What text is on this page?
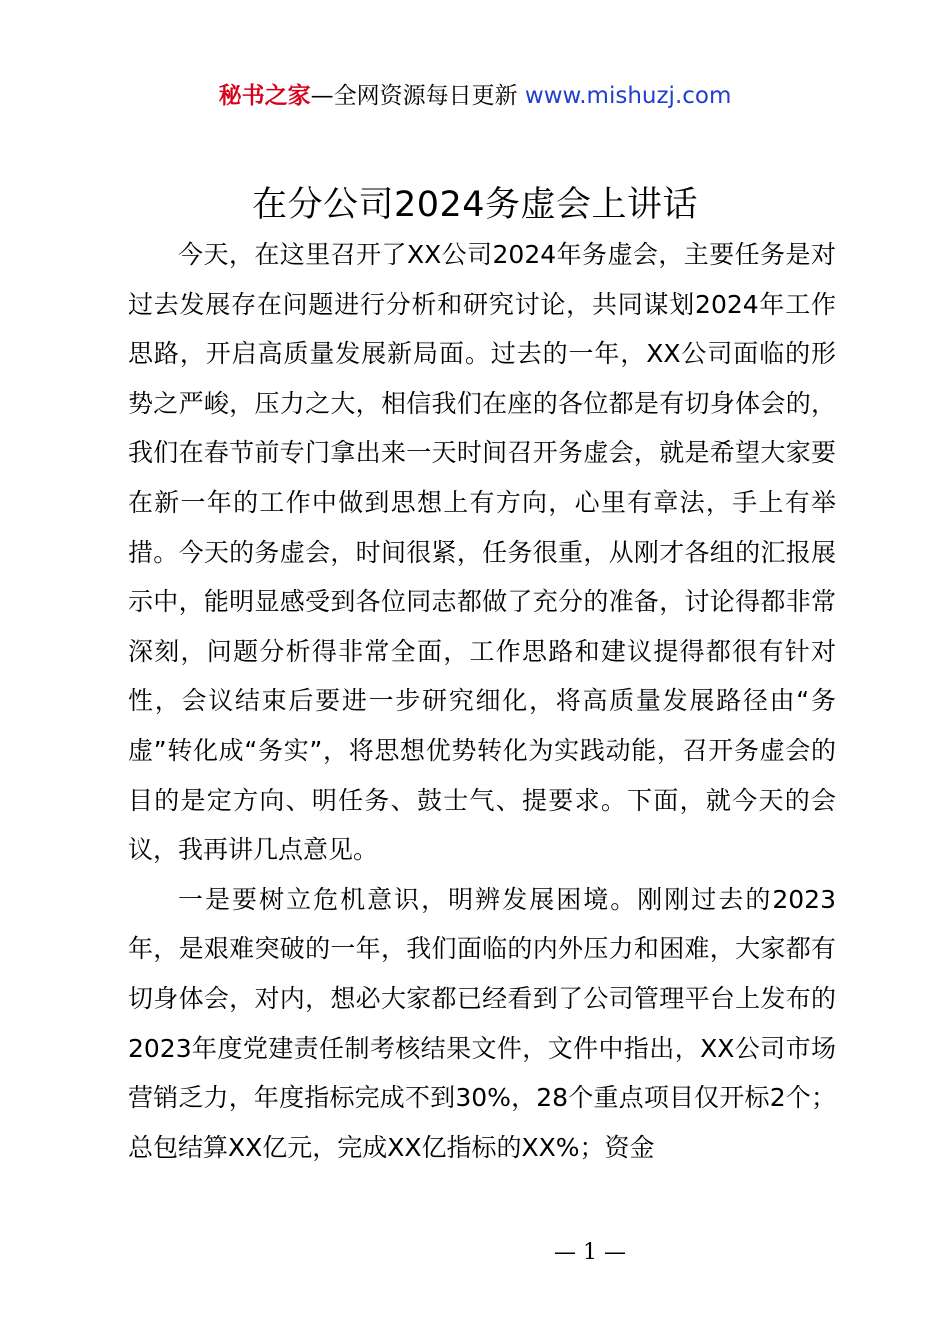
秘书之家—全网资源每日更新 www.mishuzj.com
在分公司2024务虚会上讲话

今天，在这里召开了XX公司2024年务虚会，主要任务是对过去发展存在问题进行分析和研究讨论，共同谋划2024年工作思路，开启高质量发展新局面。过去的一年，XX公司面临的形势之严峻，压力之大，相信我们在座的各位都是有切身体会的，我们在春节前专门拿出来一天时间召开务虚会，就是希望大家要在新一年的工作中做到思想上有方向，心里有章法，手上有举措。今天的务虚会，时间很紧，任务很重，从刚才各组的汇报展示中，能明显感受到各位同志都做了充分的准备，讨论得都非常深刻，问题分析得非常全面，工作思路和建议提得都很有针对性，会议结束后要进一步研究细化，将高质量发展路径由“务虚”转化成“务实”，将思想优势转化为实践动能，召开务虚会的目的是定方向、明任务、鼓士气、提要求。下面，就今天的会议，我再讲几点意见。

一是要树立危机意识，明辨发展困境。刚刚过去的2023年，是艰难突破的一年，我们面临的内外压力和困难，大家都有切身体会，对内，想必大家都已经看到了公司管理平台上发布的2023年度党建责任制考核结果文件，文件中指出，XX公司市场营销乏力，年度指标完成不到30%，28个重点项目仅开标2个；总包结算XX亿元，完成XX亿指标的XX%；资金

— 1 —
